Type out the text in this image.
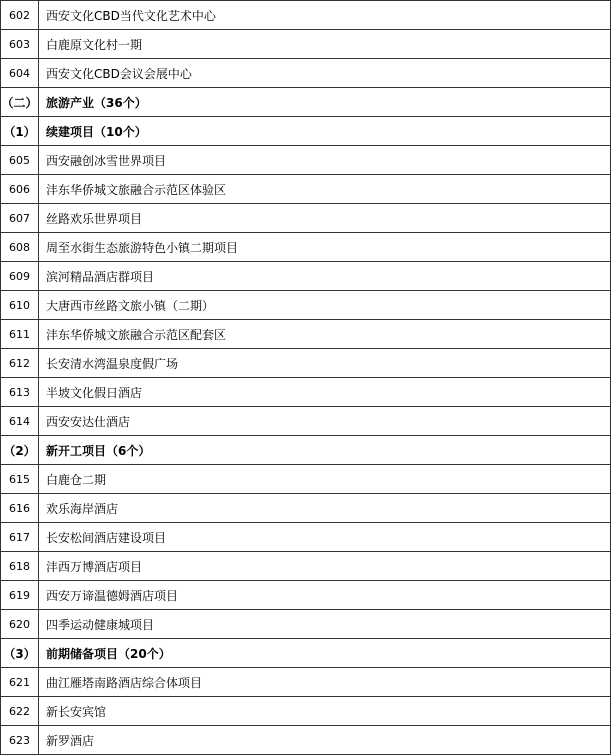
602	西安文化CBD当代文化艺术中心
603	白鹿原文化村一期
604	西安文化CBD会议会展中心
（二）	旅游产业（36个）
（1）	续建项目（10个）
605	西安融创冰雪世界项目
606	沣东华侨城文旅融合示范区体验区
607	丝路欢乐世界项目
608	周至水街生态旅游特色小镇二期项目
609	滨河精品酒店群项目
610	大唐西市丝路文旅小镇（二期）
611	沣东华侨城文旅融合示范区配套区
612	长安清水湾温泉度假广场
613	半坡文化假日酒店
614	西安安达仕酒店
（2）	新开工项目（6个）
615	白鹿仓二期
616	欢乐海岸酒店
617	长安松间酒店建设项目
618	沣西万博酒店项目
619	西安万谛温德姆酒店项目
620	四季运动健康城项目
（3）	前期储备项目（20个）
621	曲江雁塔南路酒店综合体项目
622	新长安宾馆
623	新罗酒店
